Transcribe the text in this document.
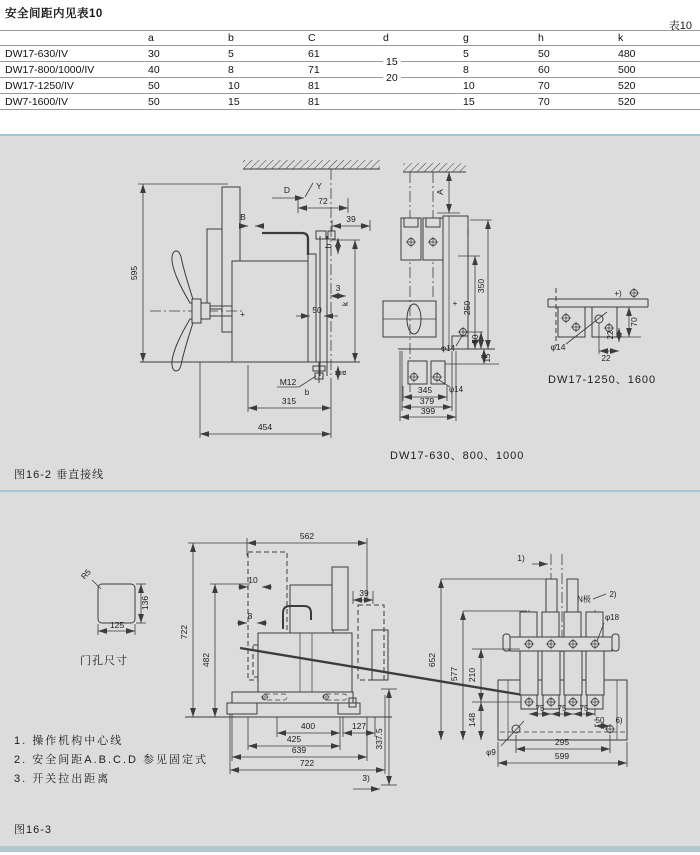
安全间距内见表10
表10
	a	b	C	d	g	h	k
DW17-630/IV	30	5	61	15	5	50	480
DW17-800/1000/IV	40	8	71	20	8	60	500
DW17-1250/IV	50	10	81		10	70	520
DW7-1600/IV	50	15	81		15	70	520
+
595
D	Y
72
39
B
h
3
50
k
M12
b
a
315
454
A
+
φ14
250
350
50
15
φ14
345
379
399
DW17-630、800、1000
+)
φ14
70
22
22
DW17-1250、1600
图16-2 垂直接线
R5
136
125
门孔尺寸
562
722
10
8
39
482
400	127
425
639
722
337.5
3)
1)
652
577
N极
2)
φ18
210
148
75 75 75
50 6)
φ9
295
599
1. 操作机构中心线
2. 安全间距A.B.C.D 参见固定式
3. 开关拉出距离
图16-3
